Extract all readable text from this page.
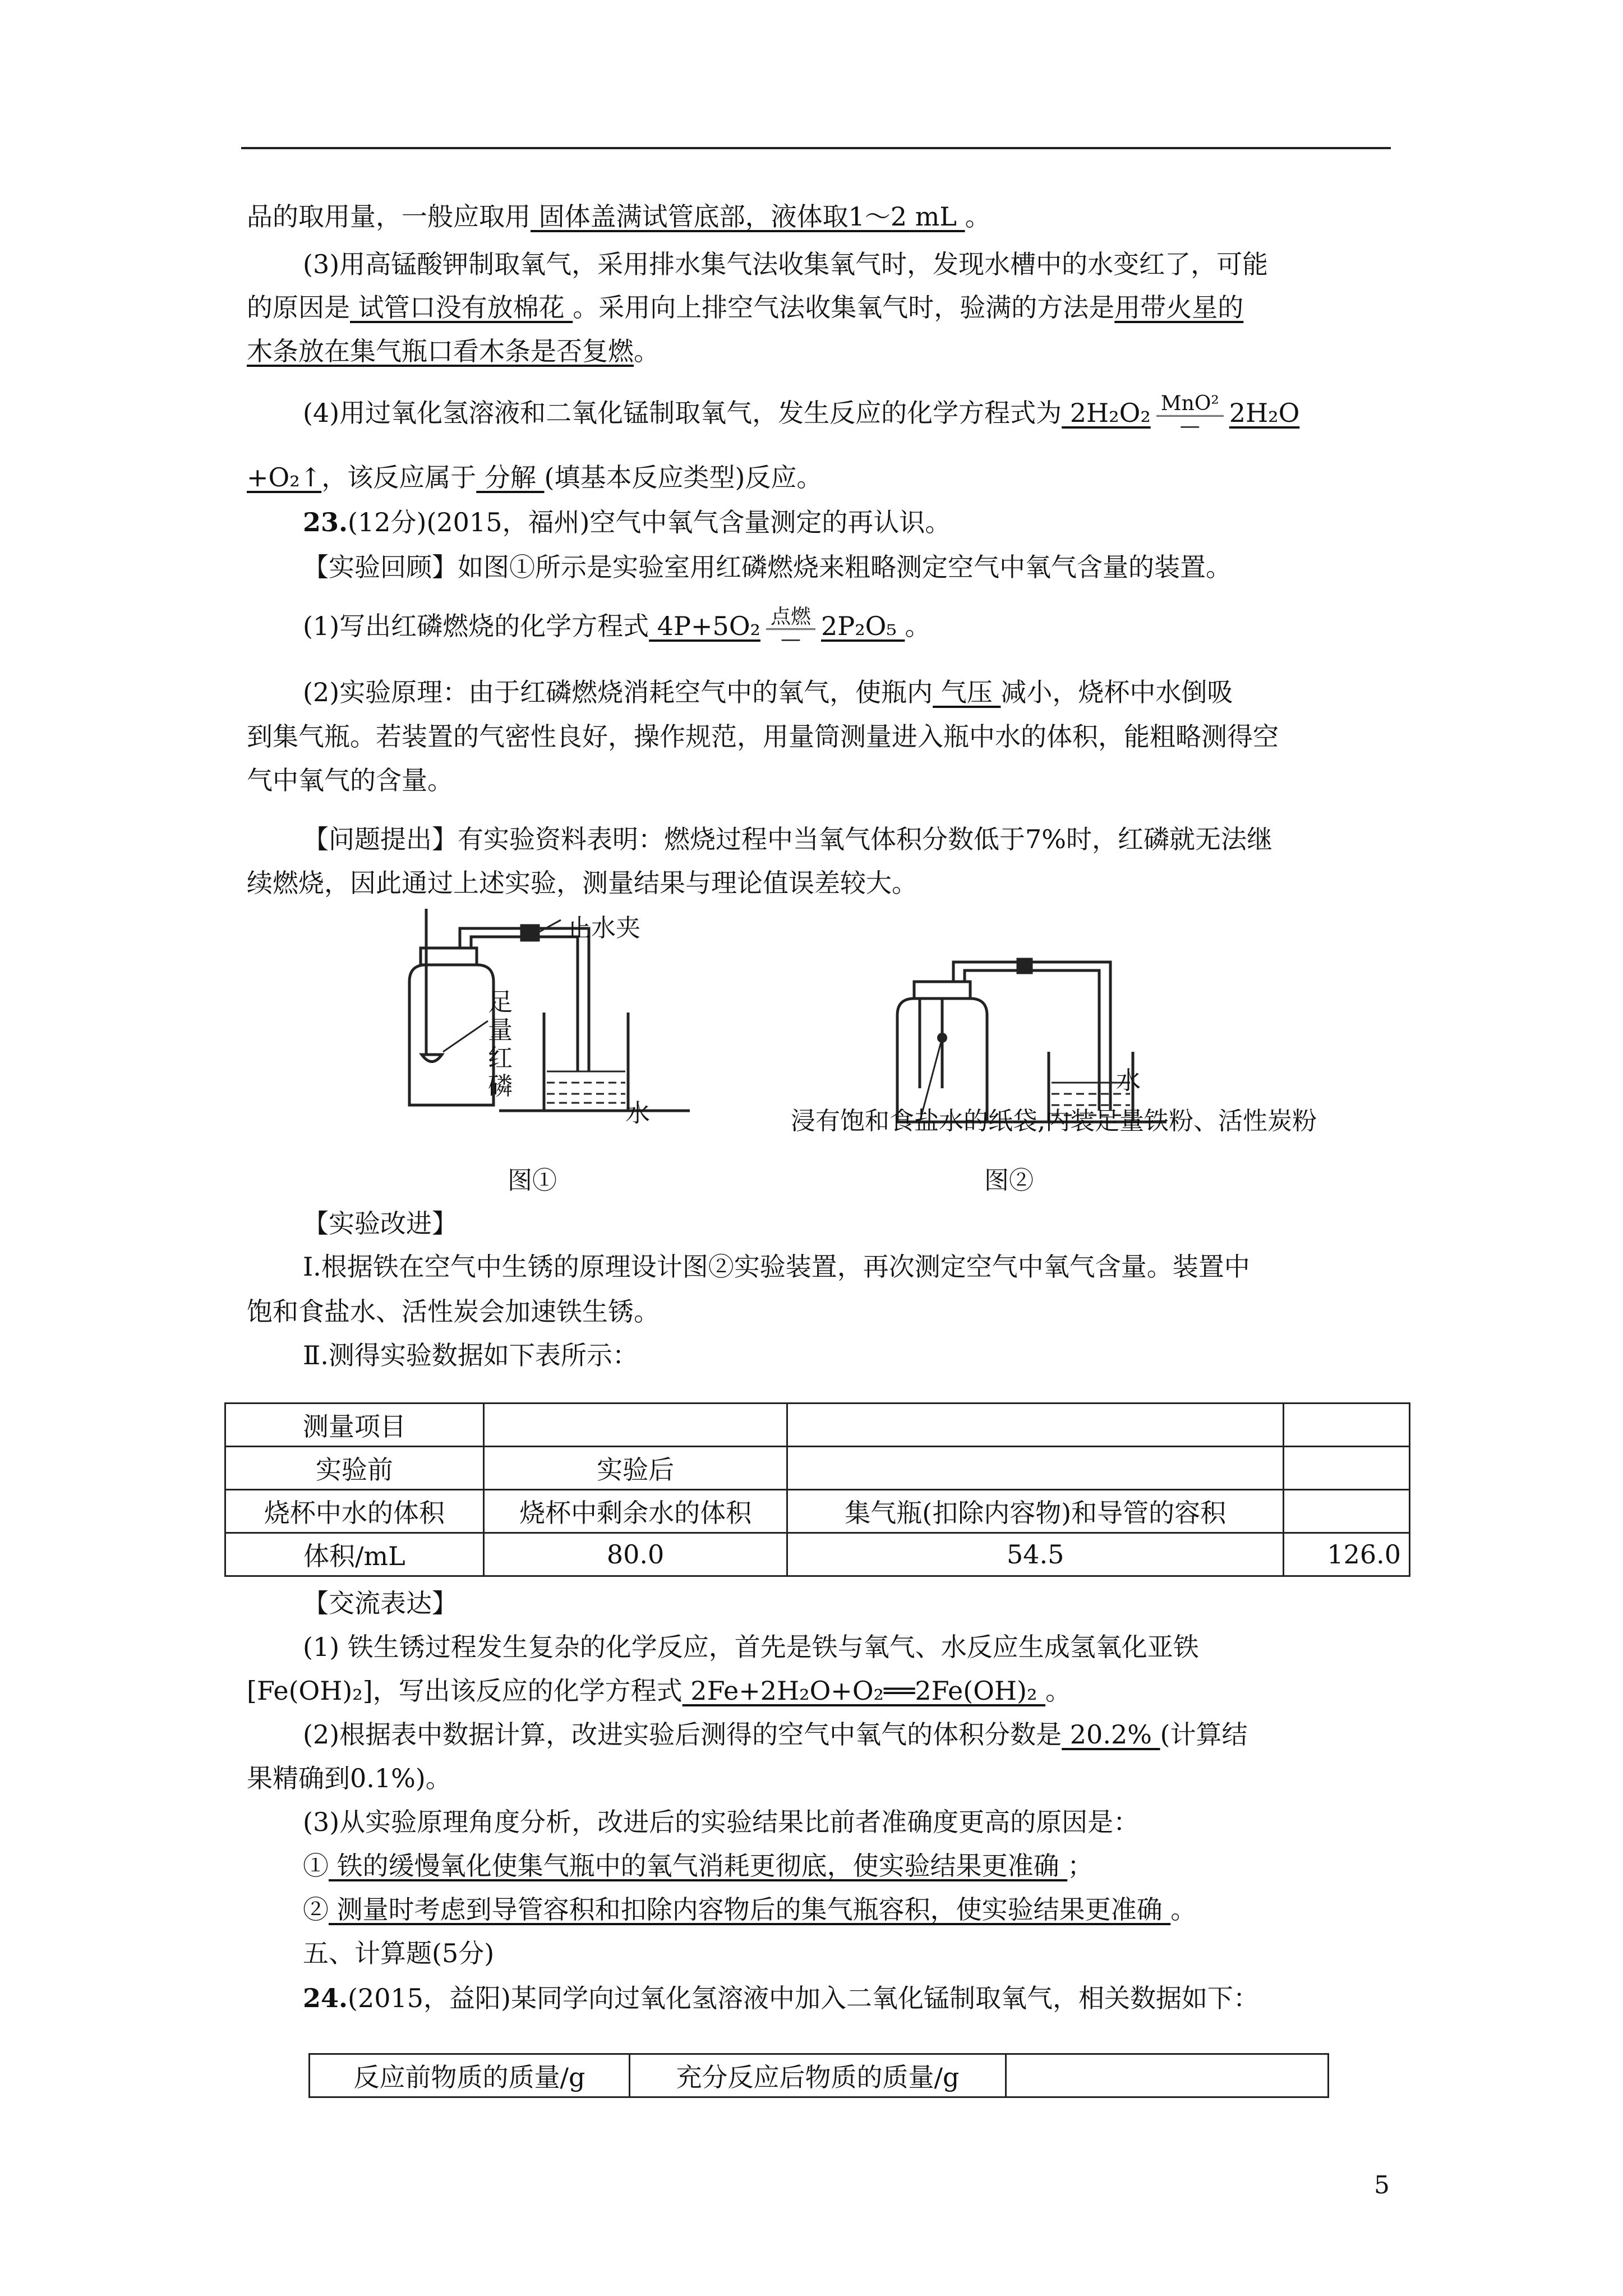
品的取用量，一般应取用 固体盖满试管底部，液体取1～2 mL 。
(3)用高锰酸钾制取氧气，采用排水集气法收集氧气时，发现水槽中的水变红了，可能
的原因是 试管口没有放棉花 。采用向上排空气法收集氧气时，验满的方法是用带火星的
木条放在集气瓶口看木条是否复燃。
(4)用过氧化氢溶液和二氧化锰制取氧气，发生反应的化学方程式为 2H₂O₂ MnO²
— 2H₂O
+O₂↑，该反应属于 分解 (填基本反应类型)反应。
23.(12分)(2015，福州)空气中氧气含量测定的再认识。
【实验回顾】如图①所示是实验室用红磷燃烧来粗略测定空气中氧气含量的装置。
(1)写出红磷燃烧的化学方程式 4P+5O₂ 点燃
— 2P₂O₅ 。
(2)实验原理：由于红磷燃烧消耗空气中的氧气，使瓶内 气压 减小，烧杯中水倒吸
到集气瓶。若装置的气密性良好，操作规范，用量筒测量进入瓶中水的体积，能粗略测得空
气中氧气的含量。
【问题提出】有实验资料表明：燃烧过程中当氧气体积分数低于7%时，红磷就无法继
续燃烧，因此通过上述实验，测量结果与理论值误差较大。
止水夹
足
量
红
磷
水
图①
水
浸有饱和食盐水的纸袋,内装足量铁粉、活性炭粉
图②
【实验改进】
Ⅰ.根据铁在空气中生锈的原理设计图②实验装置，再次测定空气中氧气含量。装置中
饱和食盐水、活性炭会加速铁生锈。
Ⅱ.测得实验数据如下表所示：
测量项目			
实验前	实验后		
烧杯中水的体积	烧杯中剩余水的体积	集气瓶(扣除内容物)和导管的容积	
体积/mL	80.0	54.5	126.0
【交流表达】
(1) 铁生锈过程发生复杂的化学反应，首先是铁与氧气、水反应生成氢氧化亚铁
[Fe(OH)₂]，写出该反应的化学方程式 2Fe+2H₂O+O₂══2Fe(OH)₂ 。
(2)根据表中数据计算，改进实验后测得的空气中氧气的体积分数是 20.2% (计算结
果精确到0.1%)。
(3)从实验原理角度分析，改进后的实验结果比前者准确度更高的原因是：
① 铁的缓慢氧化使集气瓶中的氧气消耗更彻底，使实验结果更准确 ；
② 测量时考虑到导管容积和扣除内容物后的集气瓶容积，使实验结果更准确 。
五、计算题(5分)
24.(2015，益阳)某同学向过氧化氢溶液中加入二氧化锰制取氧气，相关数据如下：
反应前物质的质量/g	充分反应后物质的质量/g	
5
